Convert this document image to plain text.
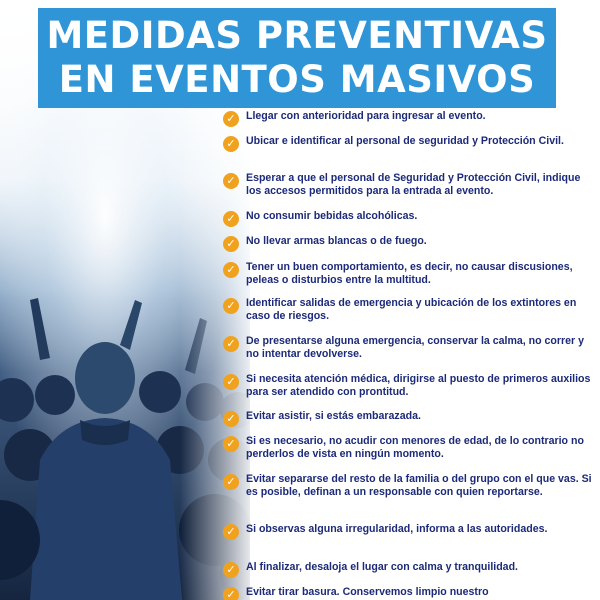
MEDIDAS PREVENTIVAS
EN EVENTOS MASIVOS
✓ Llegar con anterioridad para ingresar al evento.
✓ Ubicar e identificar al personal de seguridad y Protección Civil.
✓ Esperar a que el personal de Seguridad y Protección Civil, indique los accesos permitidos para la entrada al evento.
✓ No consumir bebidas alcohólicas.
✓ No llevar armas blancas o de fuego.
✓ Tener un buen comportamiento, es decir, no causar discusiones, peleas o disturbios entre la multitud.
✓ Identificar salidas de emergencia y ubicación de los extintores en caso de riesgos.
✓ De presentarse alguna emergencia, conservar la calma, no correr y no intentar devolverse.
✓ Si necesita atención médica, dirigirse al puesto de primeros auxilios para ser atendido con prontitud.
✓ Evitar asistir, si estás embarazada.
✓ Si es necesario, no acudir con menores de edad, de lo contrario no perderlos de vista en ningún momento.
✓ Evitar separarse del resto de la familia o del grupo con el que vas. Si es posible, definan a un responsable con quien reportarse.
✓ Si observas alguna irregularidad, informa a las autoridades.
✓ Al finalizar, desaloja el lugar con calma y tranquilidad.
✓ Evitar tirar basura. Conservemos limpio nuestro
